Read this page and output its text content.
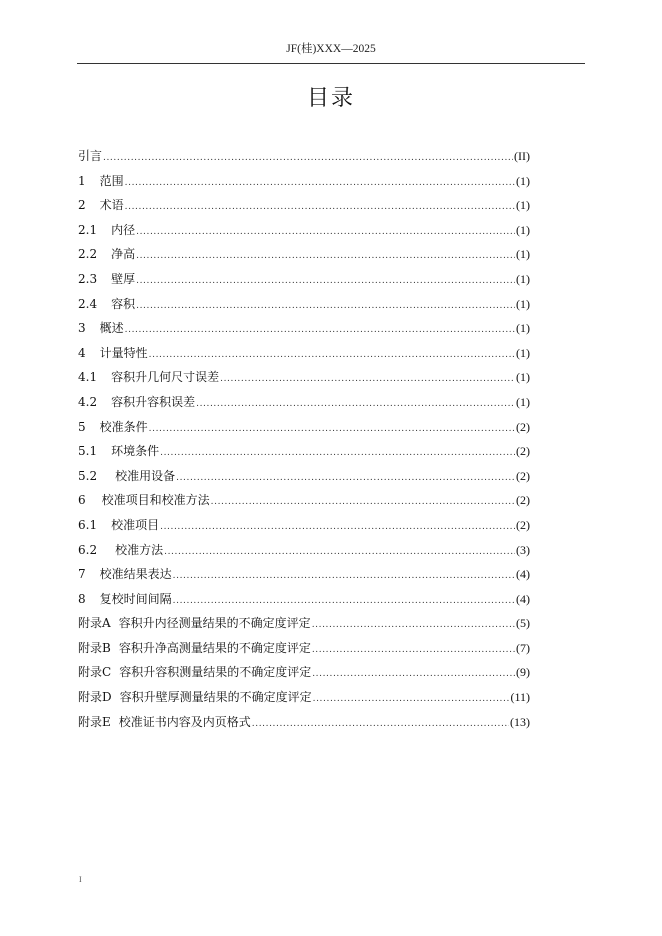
JF(桂)XXX—2025
目录
引言 .....	(II)
1 范围 .....	(1)
2 术语 .....	(1)
2.1 内径 .....	(1)
2.2 净高 .....	(1)
2.3 壁厚 .....	(1)
2.4 容积 .....	(1)
3 概述 .....	(1)
4 计量特性 .....	(1)
4.1 容积升几何尺寸误差 .....	(1)
4.2 容积升容积误差 .....	(1)
5 校准条件 .....	(2)
5.1 环境条件 .....	(2)
5.2 校准用设备 .....	(2)
6 校准项目和校准方法 .....	(2)
6.1 校准项目 .....	(2)
6.2 校准方法 .....	(3)
7 校准结果表达 .....	(4)
8 复校时间间隔 .....	(4)
附录A 容积升内径测量结果的不确定度评定 .....	(5)
附录B 容积升净高测量结果的不确定度评定 .....	(7)
附录C 容积升容积测量结果的不确定度评定 .....	(9)
附录D 容积升壁厚测量结果的不确定度评定 .....	(11)
附录E 校准证书内容及内页格式 .....	(13)
I
